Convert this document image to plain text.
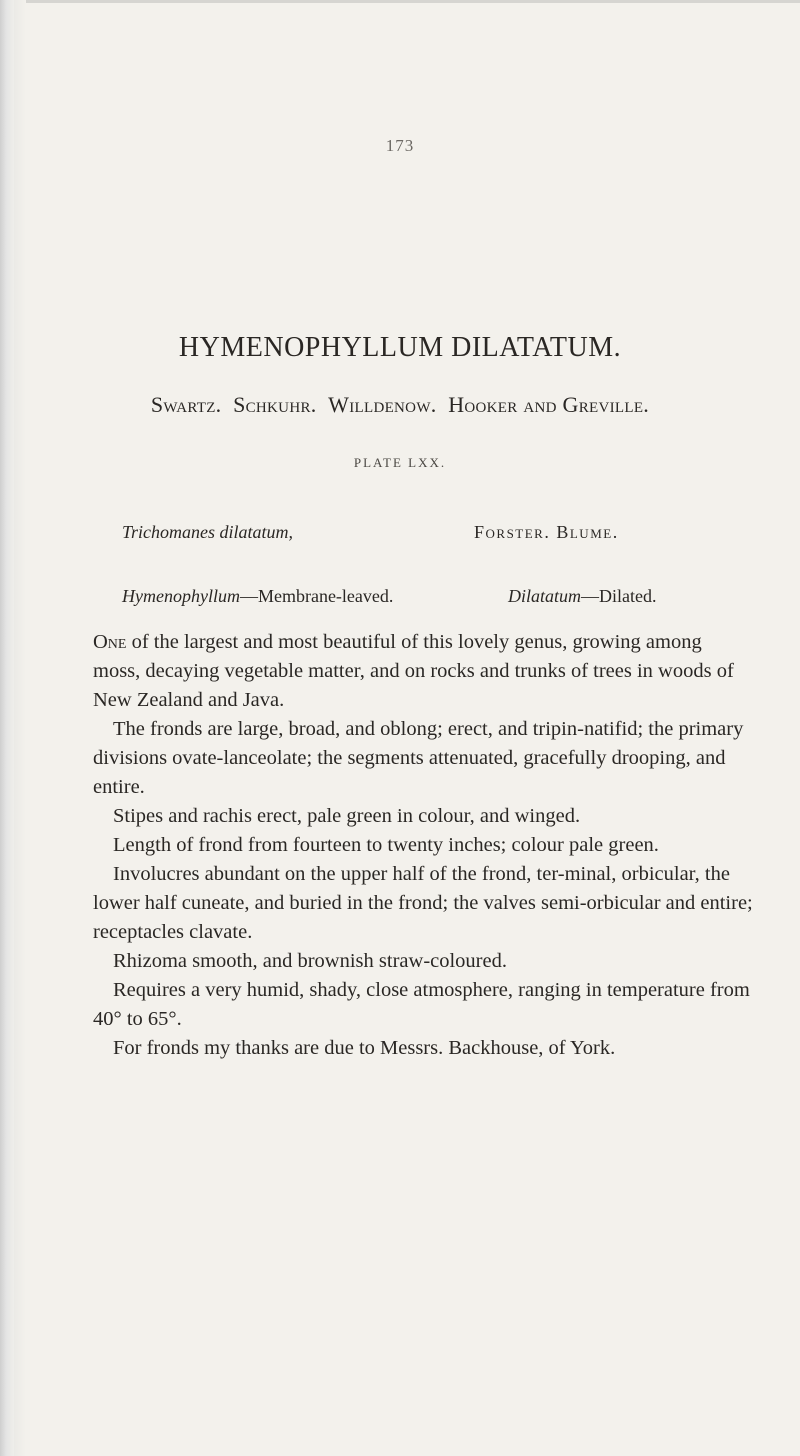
173
HYMENOPHYLLUM DILATATUM.
Swartz. Schkuhr. Willdenow. Hooker and Greville.
PLATE LXX.
Trichomanes dilatatum,	Forster. Blume.
Hymenophyllum—Membrane-leaved.	Dilatatum—Dilated.

One of the largest and most beautiful of this lovely genus, growing among moss, decaying vegetable matter, and on rocks and trunks of trees in woods of New Zealand and Java.

The fronds are large, broad, and oblong; erect, and tripin-natifid; the primary divisions ovate-lanceolate; the segments attenuated, gracefully drooping, and entire.

Stipes and rachis erect, pale green in colour, and winged.

Length of frond from fourteen to twenty inches; colour pale green.

Involucres abundant on the upper half of the frond, ter-minal, orbicular, the lower half cuneate, and buried in the frond; the valves semi-orbicular and entire; receptacles clavate.

Rhizoma smooth, and brownish straw-coloured.

Requires a very humid, shady, close atmosphere, ranging in temperature from 40° to 65°.

For fronds my thanks are due to Messrs. Backhouse, of York.
